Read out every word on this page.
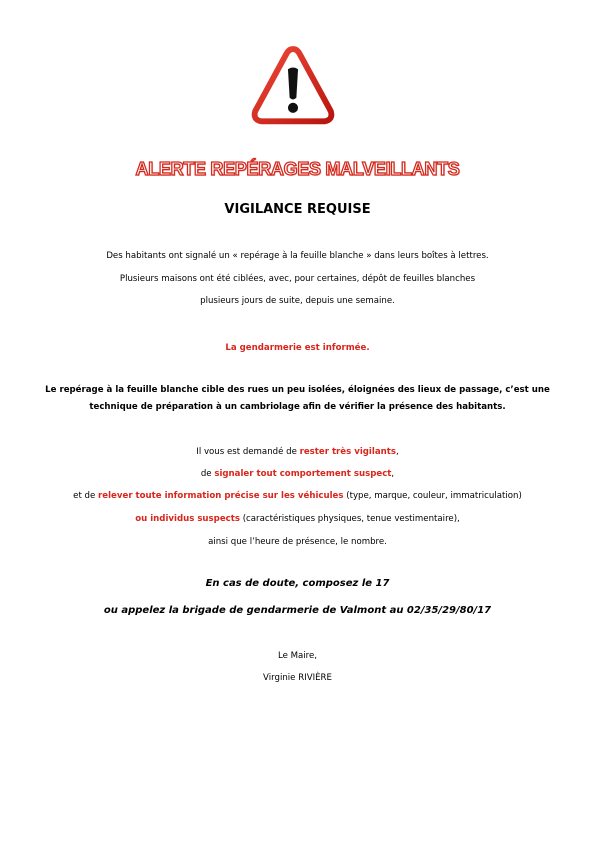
ALERTE REPÉRAGES MALVEILLANTS
VIGILANCE REQUISE
Des habitants ont signalé un « repérage à la feuille blanche » dans leurs boîtes à lettres.
Plusieurs maisons ont été ciblées, avec, pour certaines, dépôt de feuilles blanches
plusieurs jours de suite, depuis une semaine.
La gendarmerie est informée.
Le repérage à la feuille blanche cible des rues un peu isolées, éloignées des lieux de passage, c’est une
technique de préparation à un cambriolage afin de vérifier la présence des habitants.
Il vous est demandé de rester très vigilants,
de signaler tout comportement suspect,
et de relever toute information précise sur les véhicules (type, marque, couleur, immatriculation)
ou individus suspects (caractéristiques physiques, tenue vestimentaire),
ainsi que l’heure de présence, le nombre.
En cas de doute, composez le 17
ou appelez la brigade de gendarmerie de Valmont au 02/35/29/80/17
Le Maire,
Virginie RIVIÈRE
